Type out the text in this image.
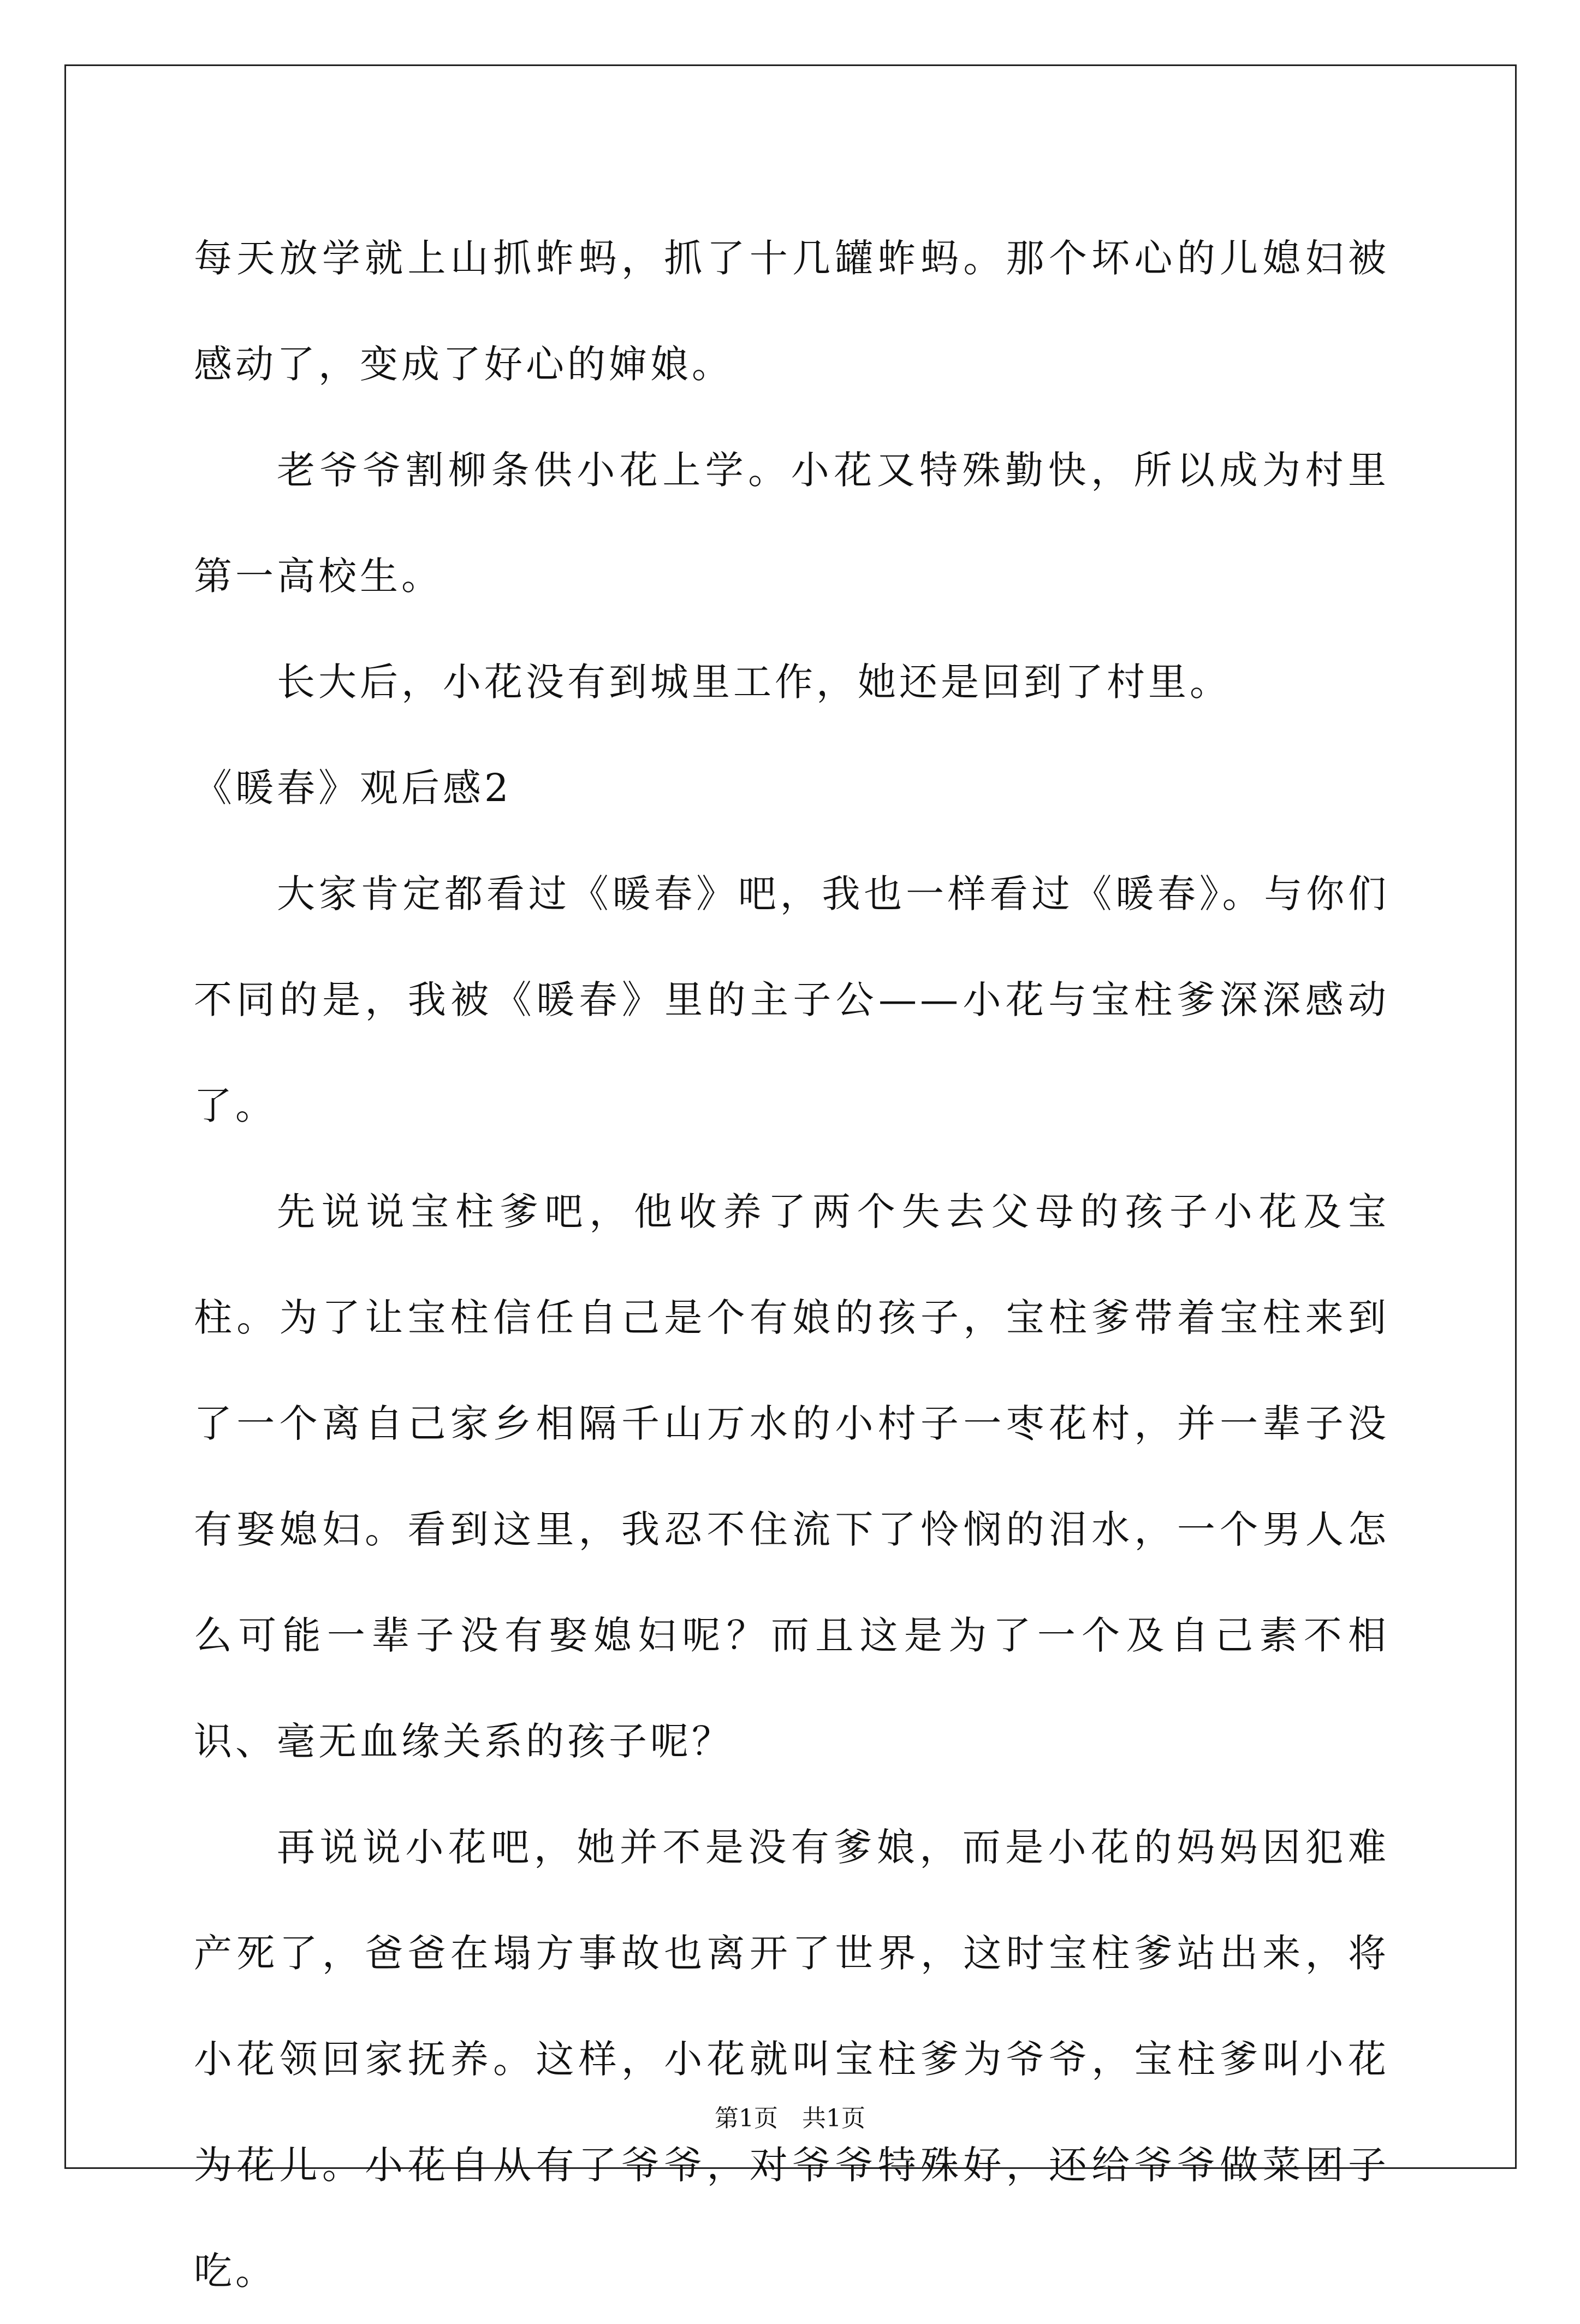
每天放学就上山抓蚱蚂，抓了十几罐蚱蚂。那个坏心的儿媳妇被感动了，变成了好心的婶娘。

老爷爷割柳条供小花上学。小花又特殊勤快，所以成为村里第一高校生。

长大后，小花没有到城里工作，她还是回到了村里。

《暖春》观后感2

大家肯定都看过《暖春》吧，我也一样看过《暖春》。与你们不同的是，我被《暖春》里的主子公——小花与宝柱爹深深感动了。

先说说宝柱爹吧，他收养了两个失去父母的孩子小花及宝柱。为了让宝柱信任自己是个有娘的孩子，宝柱爹带着宝柱来到了一个离自己家乡相隔千山万水的小村子一枣花村，并一辈子没有娶媳妇。看到这里，我忍不住流下了怜悯的泪水，一个男人怎么可能一辈子没有娶媳妇呢？而且这是为了一个及自己素不相识、毫无血缘关系的孩子呢？

再说说小花吧，她并不是没有爹娘，而是小花的妈妈因犯难产死了，爸爸在塌方事故也离开了世界，这时宝柱爹站出来，将小花领回家抚养。这样，小花就叫宝柱爹为爷爷，宝柱爹叫小花为花儿。小花自从有了爷爷，对爷爷特殊好，还给爷爷做菜团子吃。

第1页　共1页
